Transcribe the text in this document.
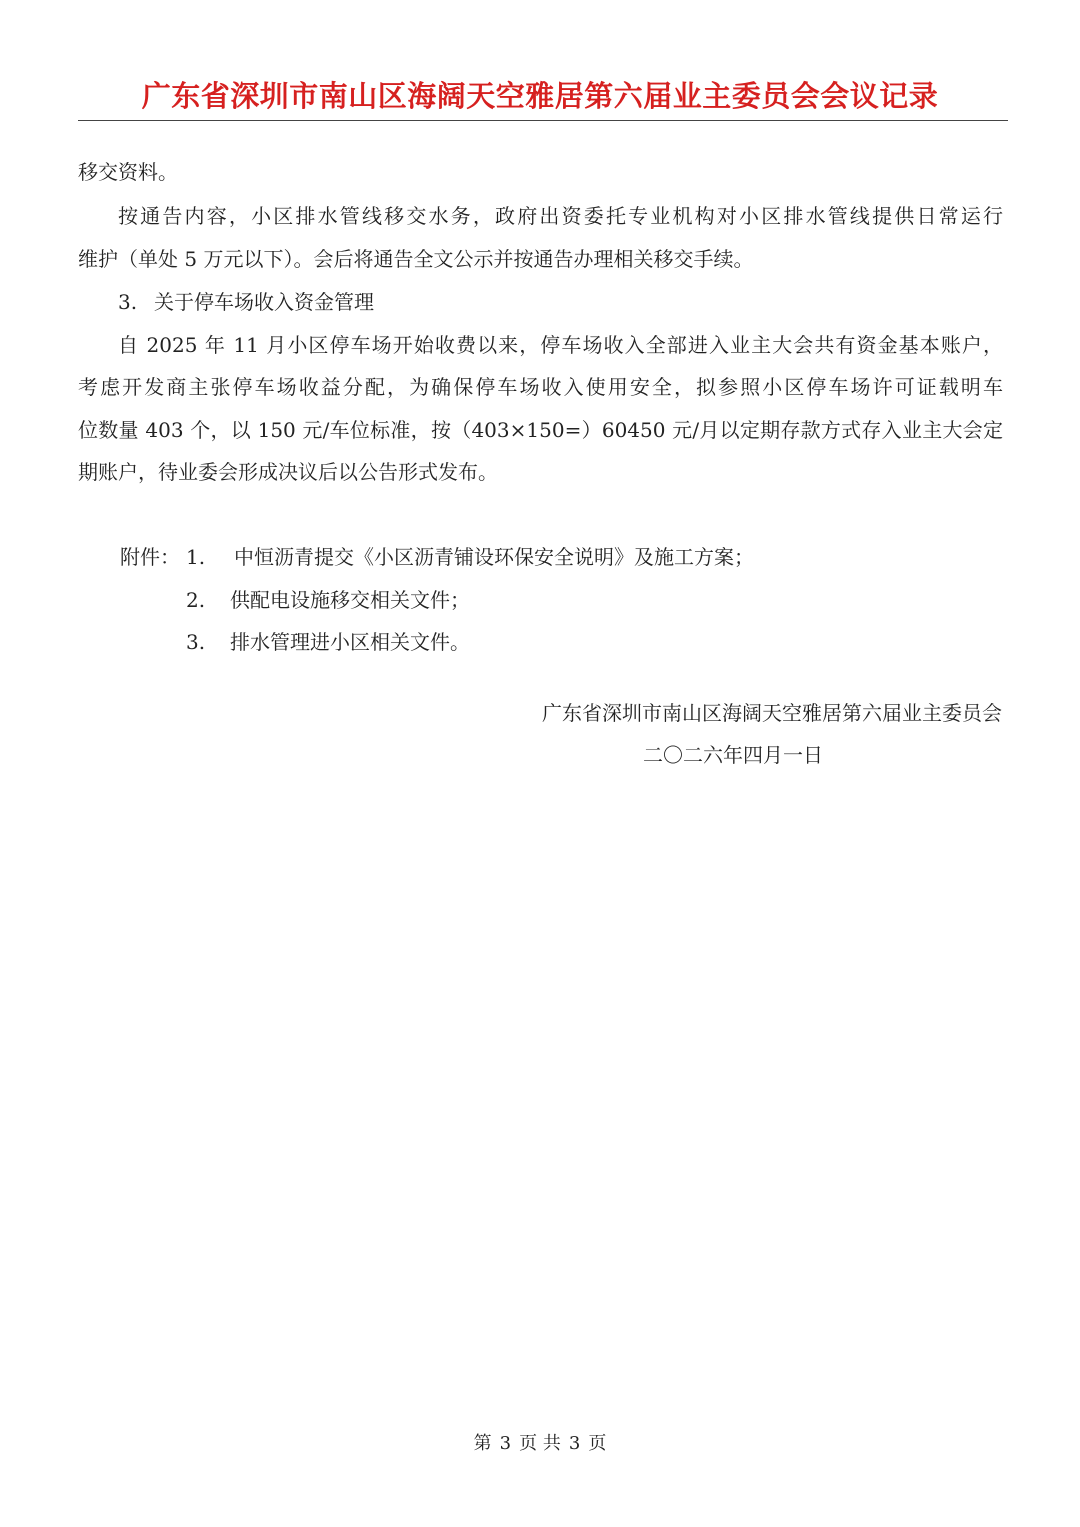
广东省深圳市南山区海阔天空雅居第六届业主委员会会议记录
移交资料。
按通告内容，小区排水管线移交水务，政府出资委托专业机构对小区排水管线提供日常运行
维护（单处 5 万元以下）。会后将通告全文公示并按通告办理相关移交手续。
3. 关于停车场收入资金管理
自 2025 年 11 月小区停车场开始收费以来，停车场收入全部进入业主大会共有资金基本账户，
考虑开发商主张停车场收益分配，为确保停车场收入使用安全，拟参照小区停车场许可证载明车
位数量 403 个，以 150 元/车位标准，按（403×150=）60450 元/月以定期存款方式存入业主大会定
期账户，待业委会形成决议后以公告形式发布。
附件： 1. 中恒沥青提交《小区沥青铺设环保安全说明》及施工方案；
2. 供配电设施移交相关文件；
3. 排水管理进小区相关文件。
广东省深圳市南山区海阔天空雅居第六届业主委员会
二〇二六年四月一日
第 3 页 共 3 页
